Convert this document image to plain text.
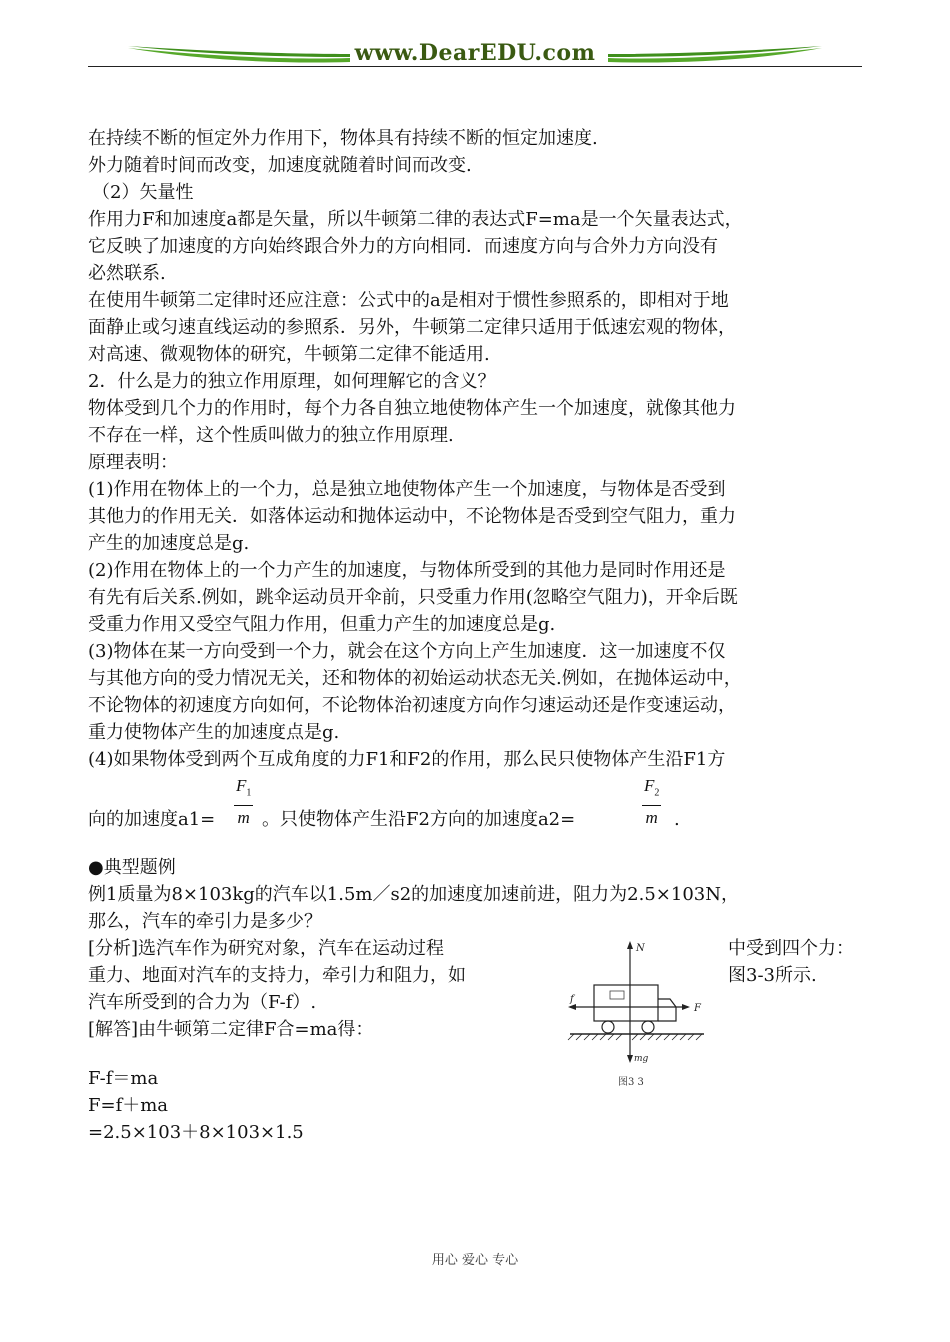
www.DearEDU.com
在持续不断的恒定外力作用下，物体具有持续不断的恒定加速度.
外力随着时间而改变，加速度就随着时间而改变.
（2）矢量性
作用力F和加速度a都是矢量，所以牛顿第二律的表达式F=ma是一个矢量表达式，
它反映了加速度的方向始终跟合外力的方向相同．而速度方向与合外力方向没有
必然联系.
在使用牛顿第二定律时还应注意：公式中的a是相对于惯性参照系的，即相对于地
面静止或匀速直线运动的参照系．另外，牛顿第二定律只适用于低速宏观的物体，
对高速、微观物体的研究，牛顿第二定律不能适用.
2．什么是力的独立作用原理，如何理解它的含义？
物体受到几个力的作用时，每个力各自独立地使物体产生一个加速度，就像其他力
不存在一样，这个性质叫做力的独立作用原理.
原理表明：
(1)作用在物体上的一个力，总是独立地使物体产生一个加速度，与物体是否受到
其他力的作用无关．如落体运动和抛体运动中，不论物体是否受到空气阻力，重力
产生的加速度总是g.
(2)作用在物体上的一个力产生的加速度，与物体所受到的其他力是同时作用还是
有先有后关系.例如，跳伞运动员开伞前，只受重力作用(忽略空气阻力)，开伞后既
受重力作用又受空气阻力作用，但重力产生的加速度总是g.
(3)物体在某一方向受到一个力，就会在这个方向上产生加速度．这一加速度不仅
与其他方向的受力情况无关，还和物体的初始运动状态无关.例如，在抛体运动中，
不论物体的初速度方向如何，不论物体治初速度方向作匀速运动还是作变速运动，
重力使物体产生的加速度点是g.
(4)如果物体受到两个互成角度的力F1和F2的作用，那么民只使物体产生沿F1方
向的加速度$a1= \frac{F_1}{m}$ 。只使物体产生沿F2方向的加速度a2=	$\frac{F_2}{m}$ .
●典型题例
例1质量为8×103kg的汽车以1.5m／s2的加速度加速前进，阻力为2.5×103N，
那么，汽车的牵引力是多少？
[分析]选汽车作为研究对象，汽车在运动过程	中受到四个力：
重力、地面对汽车的支持力，牵引力和阻力，如	图3-3所示.
汽车所受到的合力为（F-f）.
[解答]由牛顿第二定律F合=ma得：
N
f
F
mg
图3 3
F-f＝ma
F=f＋ma
=2.5×103＋8×103×1.5
用心 爱心 专心
